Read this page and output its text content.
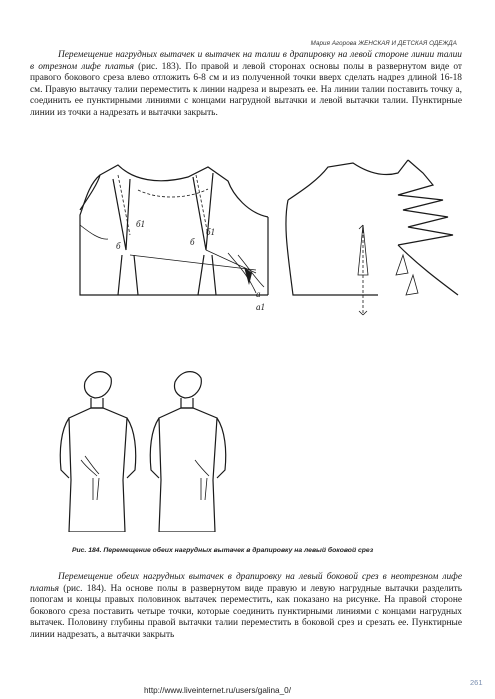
Мария Агорова ЖЕНСКАЯ И ДЕТСКАЯ ОДЕЖДА

Перемещение нагрудных вытачек и вытачек на талии в драпировку на левой стороне линии талии в отрезном лифе платья (рис. 183). По правой и левой сторонах основы полы в развернутом виде от правого бокового среза влево отложить 6-8 см и из полученной точки вверх сделать надрез длиной 16-18 см. Правую вытачку талии переместить к линии надреза и вырезать ее. На линии талии поставить точку а, соединить ее пунктирными линиями с концами нагрудной вытачки и левой вытачки талии. Пунктирные линии из точки а надрезать и вытачки закрыть.

б
б1
б
б1
а
а1

Рис. 184. Перемещение обеих нагрудных вытачек в драпировку на левый боковой срез

Перемещение обеих нагрудных вытачек в драпировку на левый боковой срез в неотрезном лифе платья (рис. 184). На основе полы в развернутом виде правую и левую нагрудные вытачки разделить попогам и концы правых половинок вытачек переместить, как показано на рисунке. На правой стороне бокового среза поставить четыре точки, которые соединить пунктирными линиями с концами нагрудных вытачек. Половину глубины правой вытачки талии переместить в боковой срез и срезать ее. Пунктирные линии надрезать, а вытачки закрыть

http://www.liveinternet.ru/users/galina_0/

261
